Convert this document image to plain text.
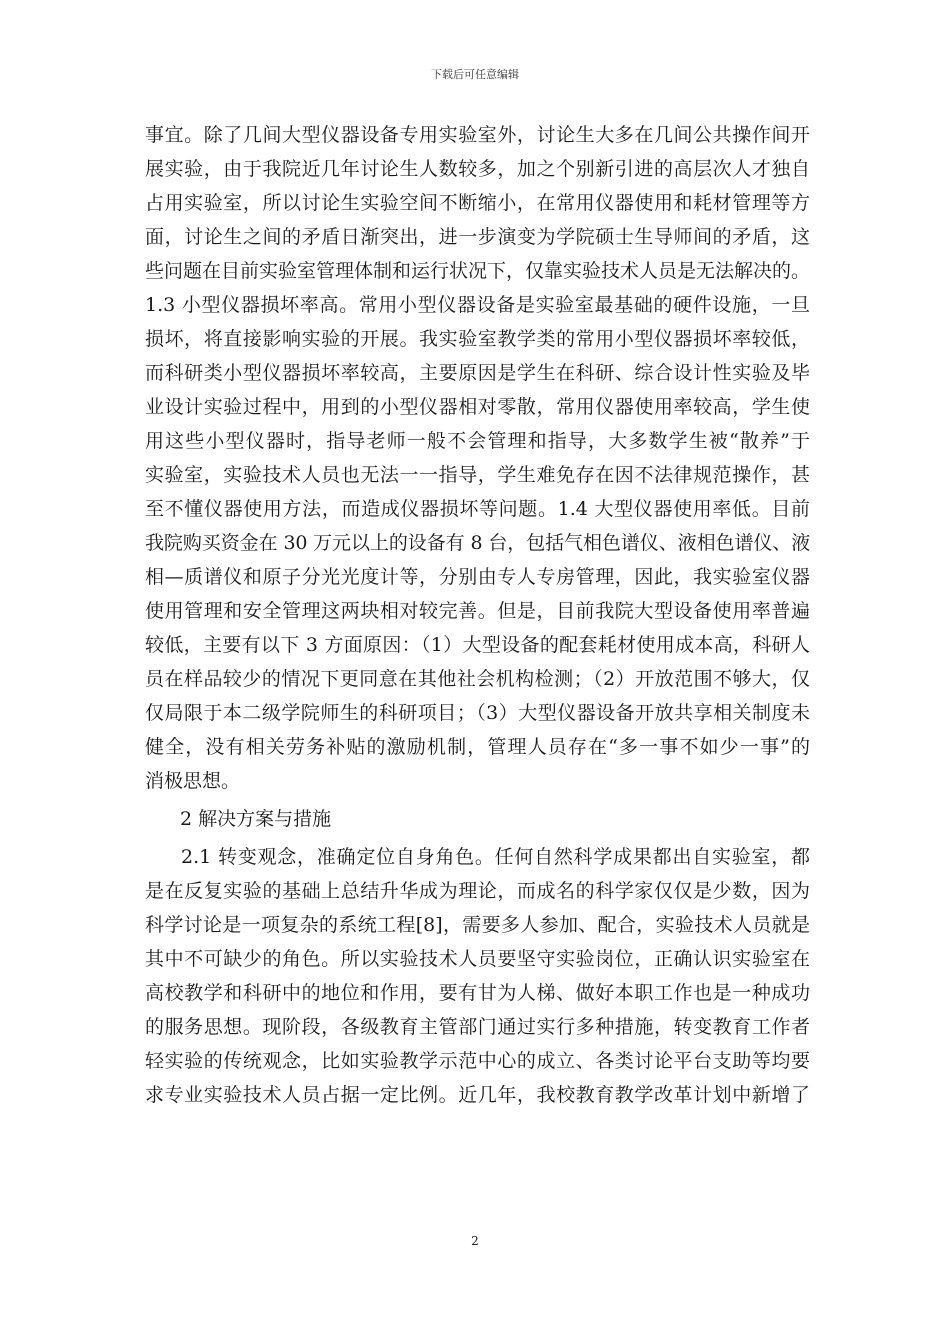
下载后可任意编辑
事宜。除了几间大型仪器设备专用实验室外，讨论生大多在几间公共操作间开
展实验，由于我院近几年讨论生人数较多，加之个别新引进的高层次人才独自
占用实验室，所以讨论生实验空间不断缩小，在常用仪器使用和耗材管理等方
面，讨论生之间的矛盾日渐突出，进一步演变为学院硕士生导师间的矛盾，这
些问题在目前实验室管理体制和运行状况下，仅靠实验技术人员是无法解决的。
1.3 小型仪器损坏率高。常用小型仪器设备是实验室最基础的硬件设施，一旦
损坏，将直接影响实验的开展。我实验室教学类的常用小型仪器损坏率较低，
而科研类小型仪器损坏率较高，主要原因是学生在科研、综合设计性实验及毕
业设计实验过程中，用到的小型仪器相对零散，常用仪器使用率较高，学生使
用这些小型仪器时，指导老师一般不会管理和指导，大多数学生被“散养”于
实验室，实验技术人员也无法一一指导，学生难免存在因不法律规范操作，甚
至不懂仪器使用方法，而造成仪器损坏等问题。1.4 大型仪器使用率低。目前
我院购买资金在 30 万元以上的设备有 8 台，包括气相色谱仪、液相色谱仪、液
相—质谱仪和原子分光光度计等，分别由专人专房管理，因此，我实验室仪器
使用管理和安全管理这两块相对较完善。但是，目前我院大型设备使用率普遍
较低，主要有以下 3 方面原因：（1）大型设备的配套耗材使用成本高，科研人
员在样品较少的情况下更同意在其他社会机构检测；（2）开放范围不够大，仅
仅局限于本二级学院师生的科研项目；（3）大型仪器设备开放共享相关制度未
健全，没有相关劳务补贴的激励机制，管理人员存在“多一事不如少一事”的
消极思想。
2 解决方案与措施
2.1 转变观念，准确定位自身角色。任何自然科学成果都出自实验室，都
是在反复实验的基础上总结升华成为理论，而成名的科学家仅仅是少数，因为
科学讨论是一项复杂的系统工程[8]，需要多人参加、配合，实验技术人员就是
其中不可缺少的角色。所以实验技术人员要坚守实验岗位，正确认识实验室在
高校教学和科研中的地位和作用，要有甘为人梯、做好本职工作也是一种成功
的服务思想。现阶段，各级教育主管部门通过实行多种措施，转变教育工作者
轻实验的传统观念，比如实验教学示范中心的成立、各类讨论平台支助等均要
求专业实验技术人员占据一定比例。近几年，我校教育教学改革计划中新增了
2
